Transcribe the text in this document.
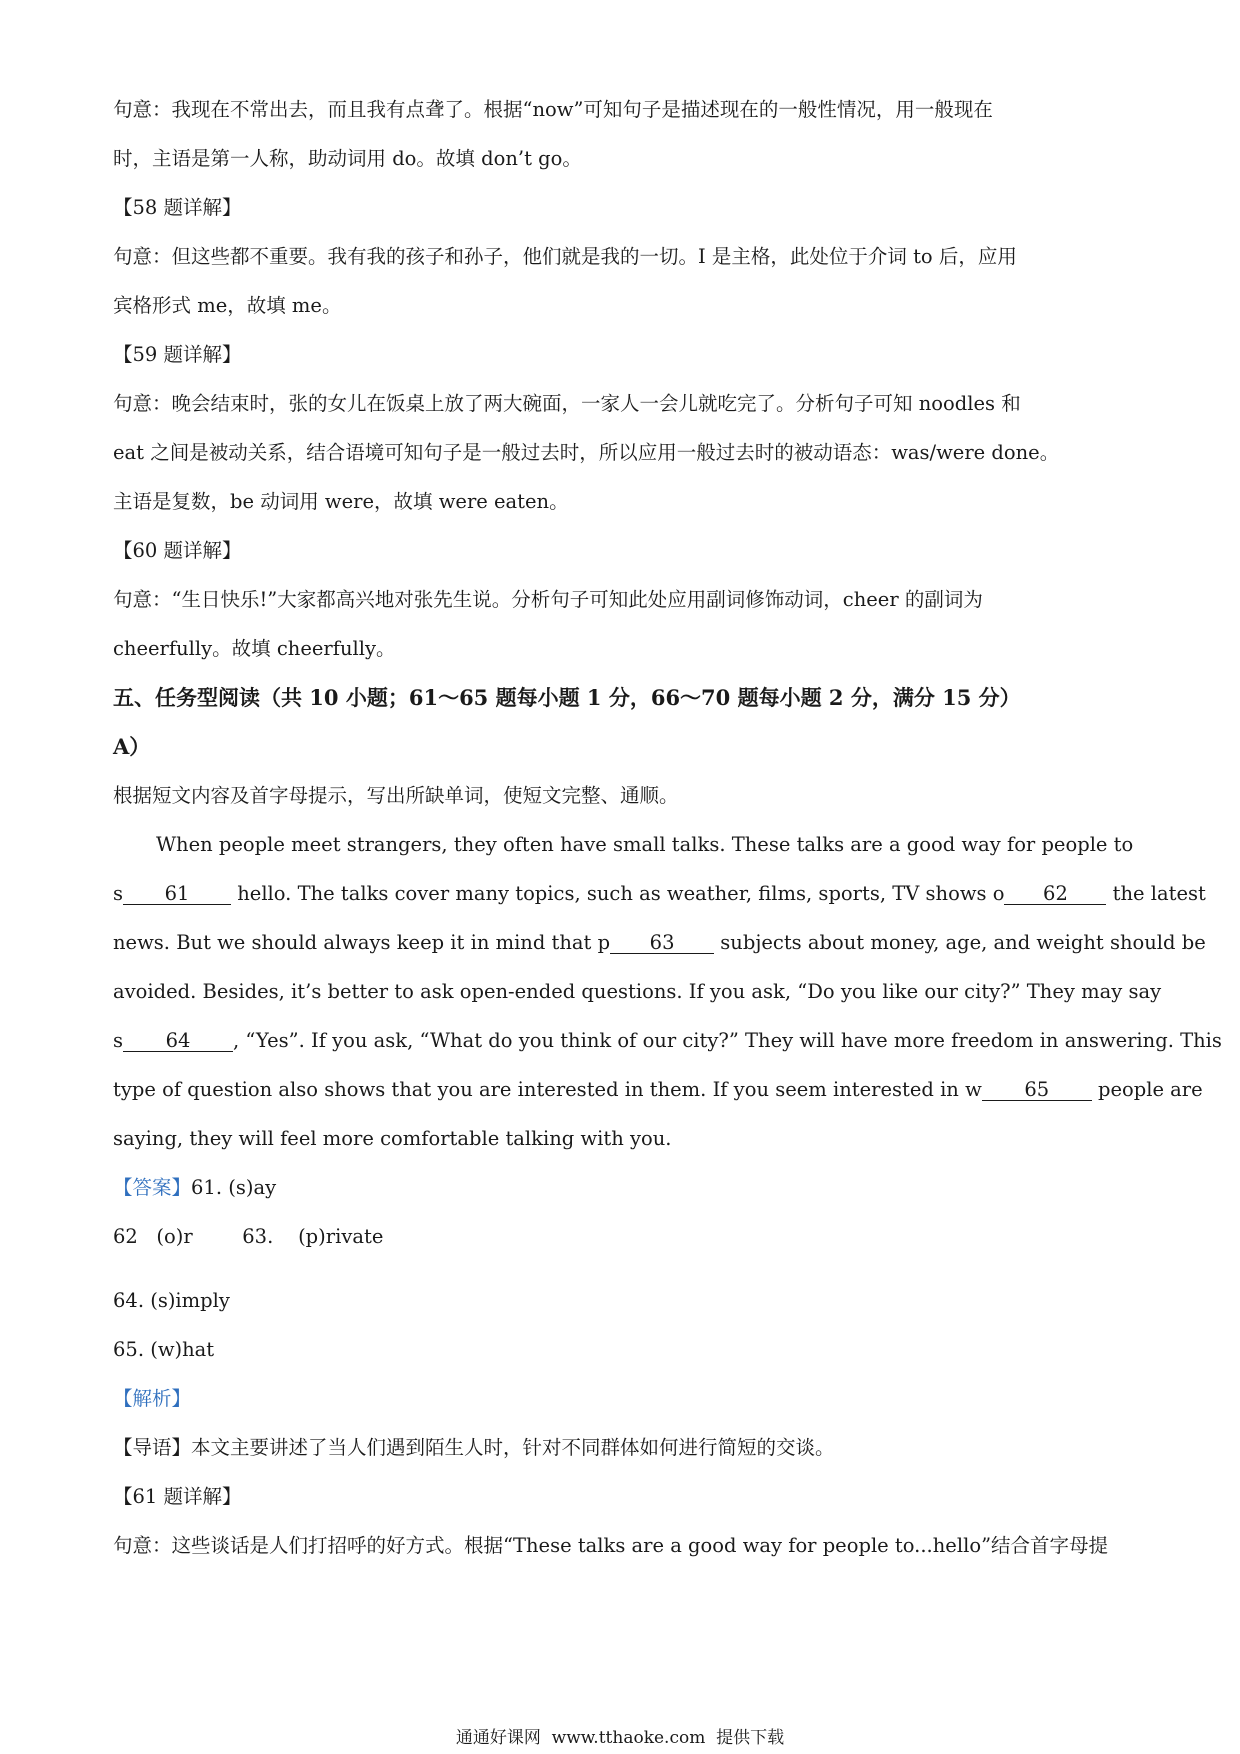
句意：我现在不常出去，而且我有点聋了。根据“now”可知句子是描述现在的一般性情况，用一般现在

时，主语是第一人称，助动词用 do。故填 don’t go。

【58 题详解】

句意：但这些都不重要。我有我的孩子和孙子，他们就是我的一切。I 是主格，此处位于介词 to 后，应用

宾格形式 me，故填 me。

【59 题详解】

句意：晚会结束时，张的女儿在饭桌上放了两大碗面，一家人一会儿就吃完了。分析句子可知 noodles 和

eat 之间是被动关系，结合语境可知句子是一般过去时，所以应用一般过去时的被动语态：was/were done。

主语是复数，be 动词用 were，故填 were eaten。

【60 题详解】

句意：“生日快乐!”大家都高兴地对张先生说。分析句子可知此处应用副词修饰动词，cheer 的副词为

cheerfully。故填 cheerfully。

五、任务型阅读（共 10 小题；61～65 题每小题 1 分，66～70 题每小题 2 分，满分 15 分）

A）

根据短文内容及首字母提示，写出所缺单词，使短文完整、通顺。

When people meet strangers, they often have small talks. These talks are a good way for people to

s 61 hello. The talks cover many topics, such as weather, films, sports, TV shows o 62 the latest

news. But we should always keep it in mind that p 63 subjects about money, age, and weight should be

avoided. Besides, it’s better to ask open-ended questions. If you ask, “Do you like our city?” They may say

s 64 , “Yes”. If you ask, “What do you think of our city?” They will have more freedom in answering. This

type of question also shows that you are interested in them. If you seem interested in w 65 people are

saying, they will feel more comfortable talking with you.

【答案】61. (s)ay

62   (o)r        63.    (p)rivate

64. (s)imply

65. (w)hat

【解析】

【导语】本文主要讲述了当人们遇到陌生人时，针对不同群体如何进行简短的交谈。

【61 题详解】

句意：这些谈话是人们打招呼的好方式。根据“These talks are a good way for people to...hello”结合首字母提

通通好课网  www.tthaoke.com  提供下载
